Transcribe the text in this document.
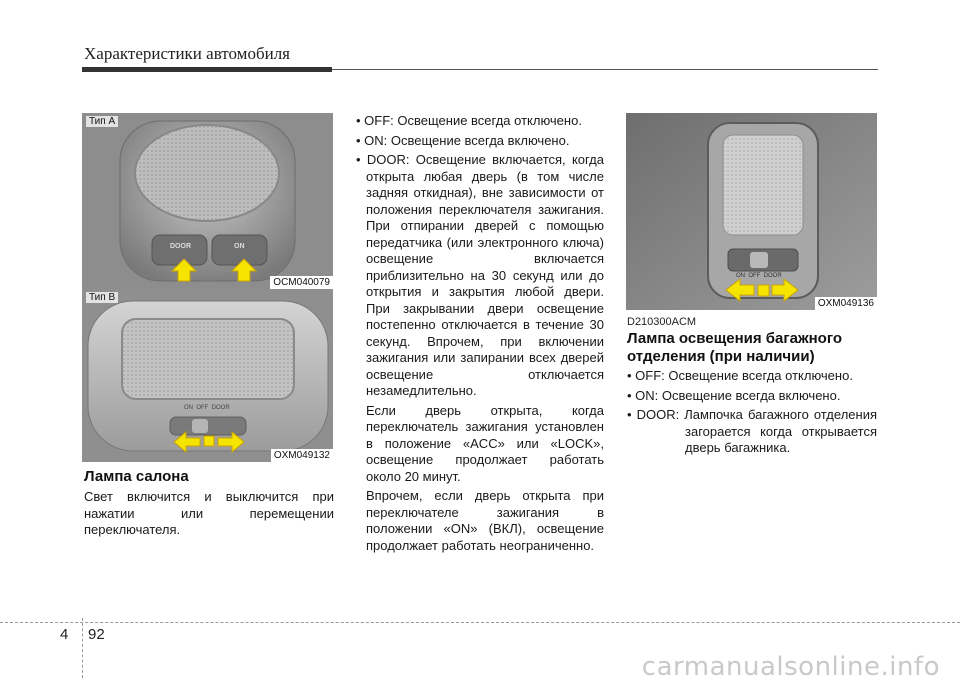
Характеристики автомобиля
DOOR	ON
Тип A
OCM040079
ON  OFF  DOOR
Тип B
OXM049132
Лампа салона
Свет включится и выключится при нажатии или перемещении переключателя.
• OFF: Освещение всегда отключено.
• ON: Освещение всегда включено.
• DOOR: Освещение включается, когда открыта любая дверь (в том числе задняя откидная), вне зависимости от положения переключателя зажигания. При отпирании дверей с помощью передатчика (или электронного ключа) освещение включается приблизительно на 30 секунд или до открытия и закрытия любой двери. При закрывании двери освещение постепенно отключается в течение 30 секунд. Впрочем, при включении зажигания или запирании всех дверей освещение отключается незамедлительно.
Если дверь открыта, когда переключатель зажигания установлен в положение «ACC» или «LOCK», освещение продолжает работать около 20 минут.
Впрочем, если дверь открыта при переключателе зажигания в положении «ON» (ВКЛ), освещение продолжает работать неограниченно.
ON  OFF  DOOR
OXM049136
D210300ACM
Лампа освещения багажного отделения (при наличии)
• OFF: Освещение всегда отключено.
• ON: Освещение всегда включено.
• DOOR: Лампочка багажного отделения загорается когда открывается дверь багажника.
4 92
carmanualsonline.info
